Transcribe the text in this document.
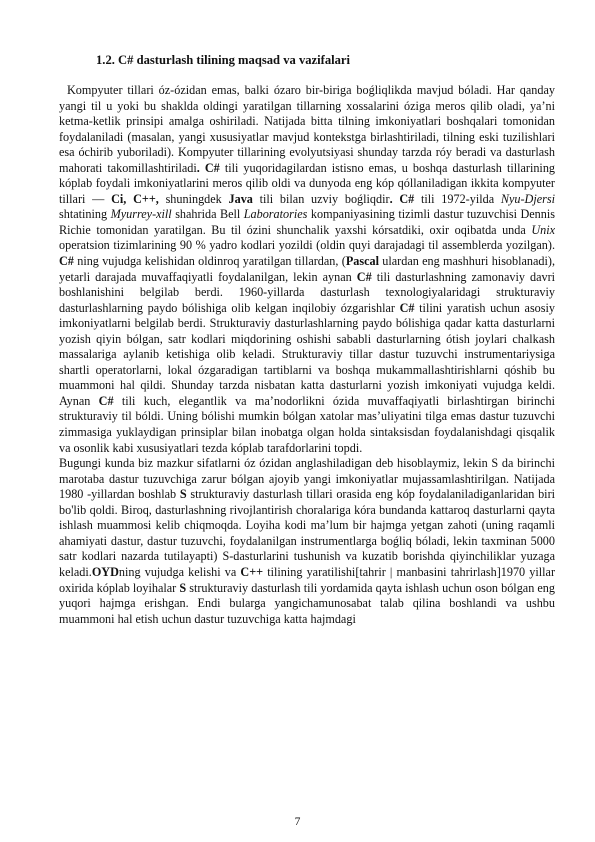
1.2. C# dasturlash tilining maqsad va vazifalari

Kompyuter tillari óz-ózidan emas, balki ózaro bir-biriga boǵliqlikda mavjud bóladi. Har qanday yangi til u yoki bu shaklda oldingi yaratilgan tillarning xossalarini óziga meros qilib oladi, yaʼni ketma-ketlik prinsipi amalga oshiriladi. Natijada bitta tilning imkoniyatlari boshqalari tomonidan foydalaniladi (masalan, yangi xususiyatlar mavjud kontekstga birlashtiriladi, tilning eski tuzilishlari esa óchirib yuboriladi). Kompyuter tillarining evolyutsiyasi shunday tarzda róy beradi va dasturlash mahorati takomillashtiriladi. C# tili yuqoridagilardan istisno emas, u boshqa dasturlash tillarining kóplab foydali imkoniyatlarini meros qilib oldi va dunyoda eng kóp qóllaniladigan ikkita kompyuter tillari — Ci, C++, shuningdek Java tili bilan uzviy boǵliqdir. C# tili 1972-yilda Nyu-Djersi shtatining Myurrey-xill shahrida Bell Laboratories kompaniyasining tizimli dastur tuzuvchisi Dennis Richie tomonidan yaratilgan. Bu til ózini shunchalik yaxshi kórsatdiki, oxir oqibatda unda Unix operatsion tizimlarining 90 % yadro kodlari yozildi (oldin quyi darajadagi til assemblerda yozilgan). C# ning vujudga kelishidan oldinroq yaratilgan tillardan, (Pascal ulardan eng mashhuri hisoblanadi), yetarli darajada muvaffaqiyatli foydalanilgan, lekin aynan C# tili dasturlashning zamonaviy davri boshlanishini belgilab berdi. 1960-yillarda dasturlash texnologiyalaridagi strukturaviy dasturlashlarning paydo bólishiga olib kelgan inqilobiy ózgarishlar C# tilini yaratish uchun asosiy imkoniyatlarni belgilab berdi. Strukturaviy dasturlashlarning paydo bólishiga qadar katta dasturlarni yozish qiyin bólgan, satr kodlari miqdorining oshishi sababli dasturlarning ótish joylari chalkash massalariga aylanib ketishiga olib keladi. Strukturaviy tillar dastur tuzuvchi instrumentariysiga shartli operatorlarni, lokal ózgaradigan tartiblarni va boshqa mukammallashtirishlarni qóshib bu muammoni hal qildi. Shunday tarzda nisbatan katta dasturlarni yozish imkoniyati vujudga keldi. Aynan C# tili kuch, elegantlik va maʼnodorlikni ózida muvaffaqiyatli birlashtirgan birinchi strukturaviy til bóldi. Uning bólishi mumkin bólgan xatolar masʼuliyatini tilga emas dastur tuzuvchi zimmasiga yuklaydigan prinsiplar bilan inobatga olgan holda sintaksisdan foydalanishdagi qisqalik va osonlik kabi xususiyatlari tezda kóplab tarafdorlarini topdi.

Bugungi kunda biz mazkur sifatlarni óz ózidan anglashiladigan deb hisoblaymiz, lekin S da birinchi marotaba dastur tuzuvchiga zarur bólgan ajoyib yangi imkoniyatlar mujassamlashtirilgan. Natijada 1980 -yillardan boshlab S strukturaviy dasturlash tillari orasida eng kóp foydalaniladiganlaridan biri bo'lib qoldi. Biroq, dasturlashning rivojlantirish choralariga kóra bundanda kattaroq dasturlarni qayta ishlash muammosi kelib chiqmoqda. Loyiha kodi maʼlum bir hajmga yetgan zahoti (uning raqamli ahamiyati dastur, dastur tuzuvchi, foydalanilgan instrumentlarga boǵliq bóladi, lekin taxminan 5000 satr kodlari nazarda tutilayapti) S-dasturlarini tushunish va kuzatib borishda qiyinchiliklar yuzaga keladi.OYDning vujudga kelishi va C++ tilining yaratilishi[tahrir | manbasini tahrirlash]1970 yillar oxirida kóplab loyihalar S strukturaviy dasturlash tili yordamida qayta ishlash uchun oson bólgan eng yuqori hajmga erishgan. Endi bularga yangichamunosabat talab qilina boshlandi va ushbu muammoni hal etish uchun dastur tuzuvchiga katta hajmdagi

7
